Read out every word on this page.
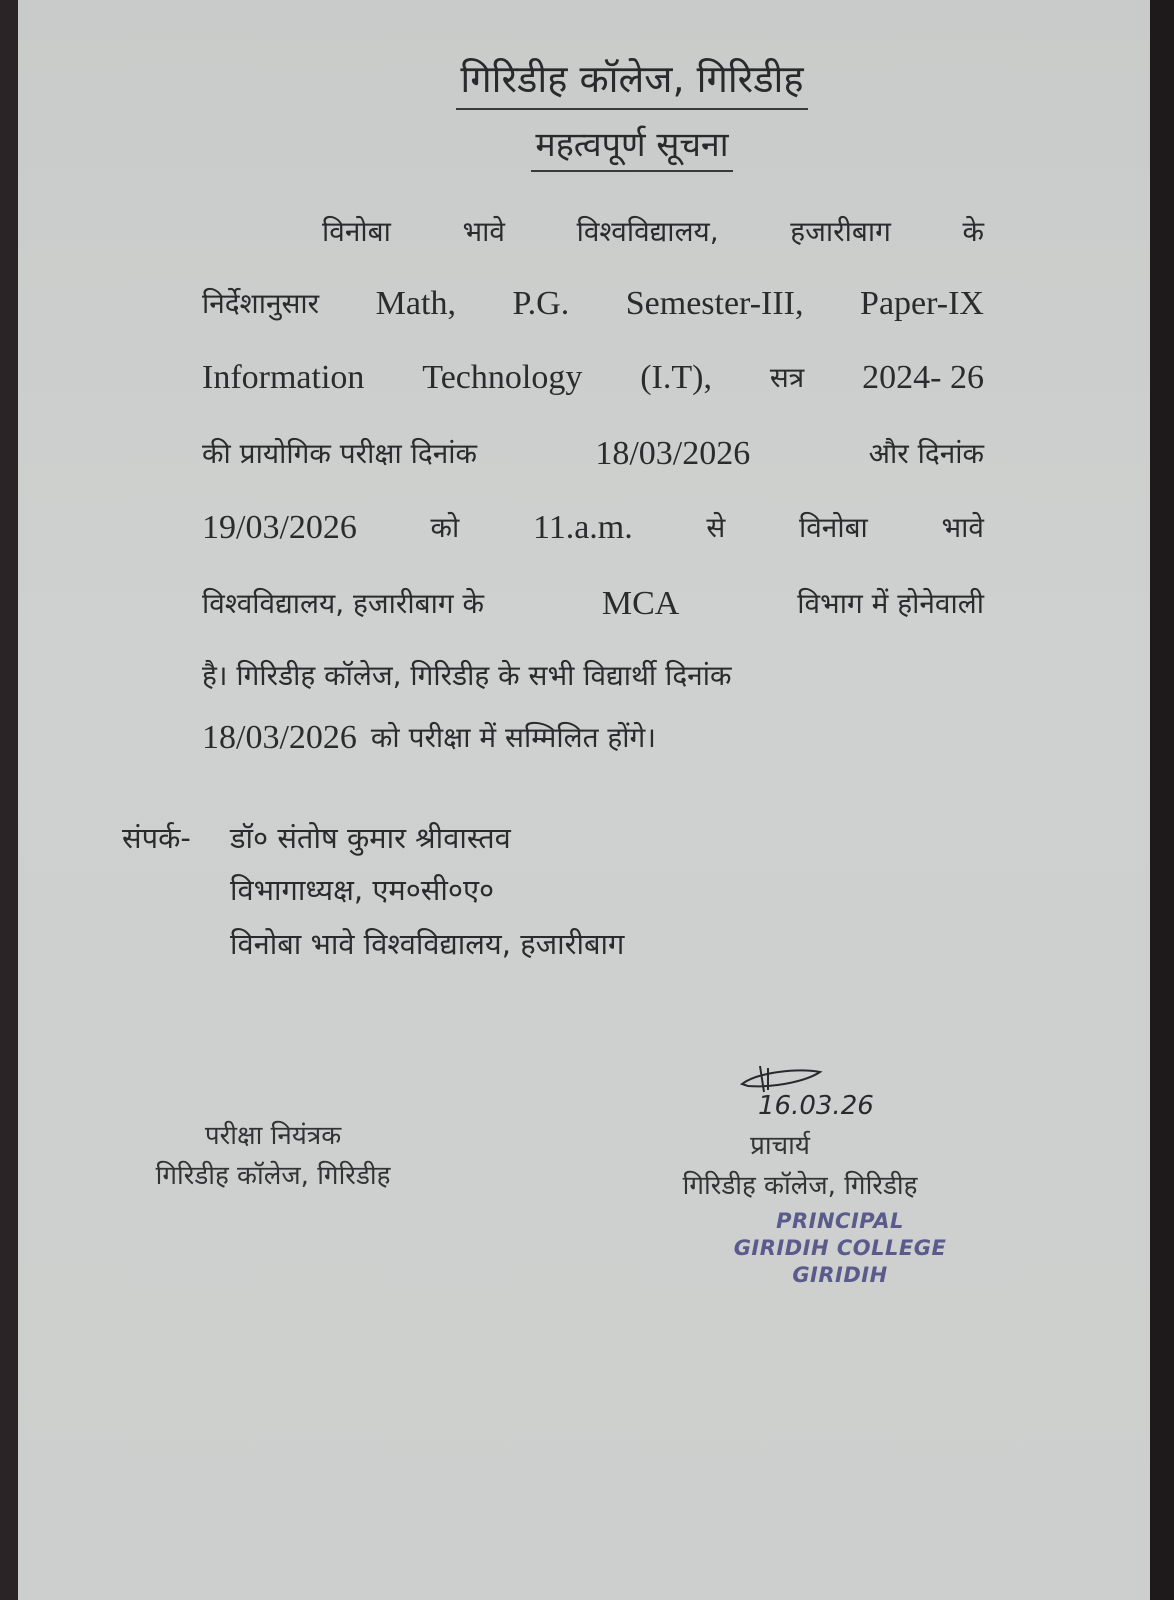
गिरिडीह कॉलेज, गिरिडीह
महत्वपूर्ण सूचना
विनोबा	भावे	विश्वविद्यालय,	हजारीबाग	के
निर्देशानुसार Math, P.G. Semester-III, Paper-IX
Information Technology (I.T), सत्र 2024- 26
की प्रायोगिक परीक्षा दिनांक	18/03/2026	और दिनांक
19/03/2026	को 11.a.m.	से	विनोबा	भावे
विश्वविद्यालय, हजारीबाग के	MCA	विभाग में होनेवाली
है। गिरिडीह कॉलेज, गिरिडीह के सभी विद्यार्थी दिनांक
18/03/2026 को परीक्षा में सम्मिलित होंगे।
संपर्क- डॉ० संतोष कुमार श्रीवास्तव
विभागाध्यक्ष, एम०सी०ए०
विनोबा भावे विश्वविद्यालय, हजारीबाग
परीक्षा नियंत्रक
गिरिडीह कॉलेज, गिरिडीह
16.03.26
प्राचार्य
गिरिडीह कॉलेज, गिरिडीह
PRINCIPAL
GIRIDIH COLLEGE
GIRIDIH
